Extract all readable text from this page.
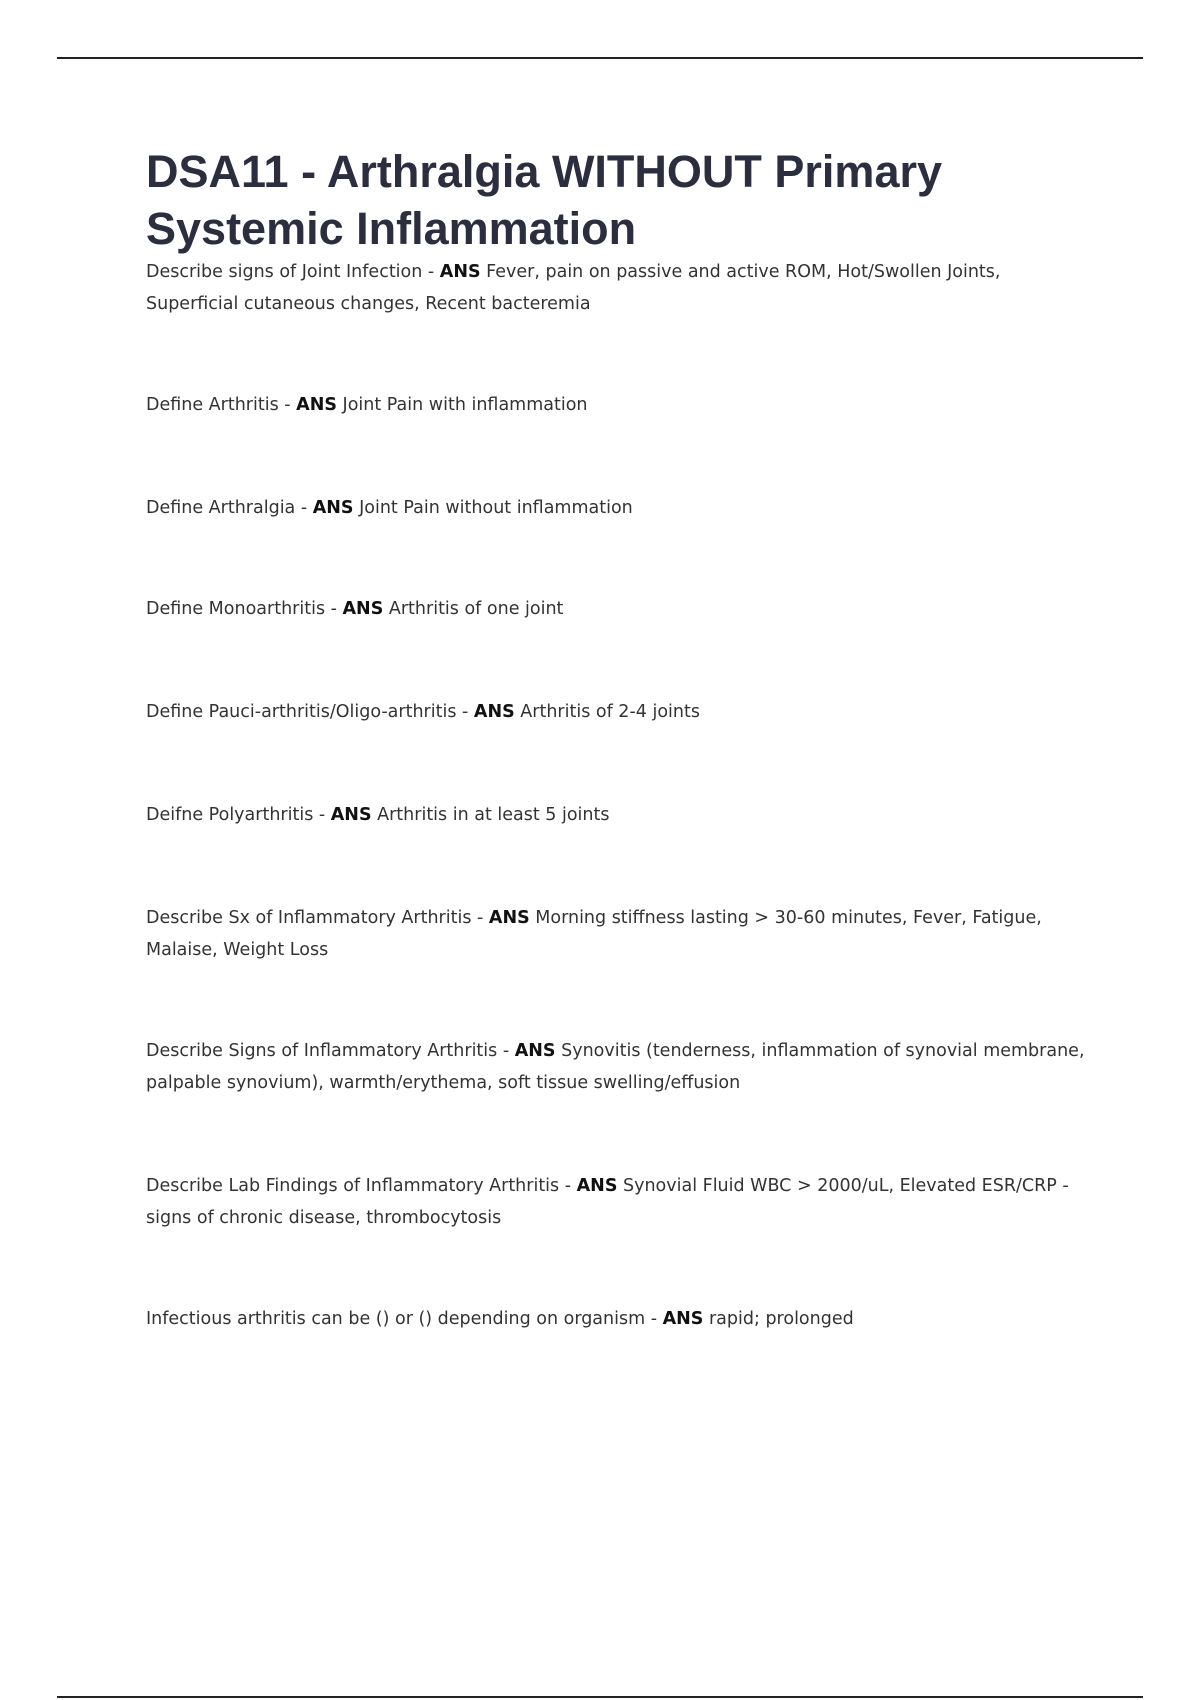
DSA11 - Arthralgia WITHOUT Primary Systemic Inflammation

Describe signs of Joint Infection - ANS Fever, pain on passive and active ROM, Hot/Swollen Joints, Superficial cutaneous changes, Recent bacteremia

Define Arthritis - ANS Joint Pain with inflammation

Define Arthralgia - ANS Joint Pain without inflammation

Define Monoarthritis - ANS Arthritis of one joint

Define Pauci-arthritis/Oligo-arthritis - ANS Arthritis of 2-4 joints

Deifne Polyarthritis - ANS Arthritis in at least 5 joints

Describe Sx of Inflammatory Arthritis - ANS Morning stiffness lasting > 30-60 minutes, Fever, Fatigue, Malaise, Weight Loss

Describe Signs of Inflammatory Arthritis - ANS Synovitis (tenderness, inflammation of synovial membrane, palpable synovium), warmth/erythema, soft tissue swelling/effusion

Describe Lab Findings of Inflammatory Arthritis - ANS Synovial Fluid WBC > 2000/uL, Elevated ESR/CRP - signs of chronic disease, thrombocytosis

Infectious arthritis can be () or () depending on organism - ANS rapid; prolonged
